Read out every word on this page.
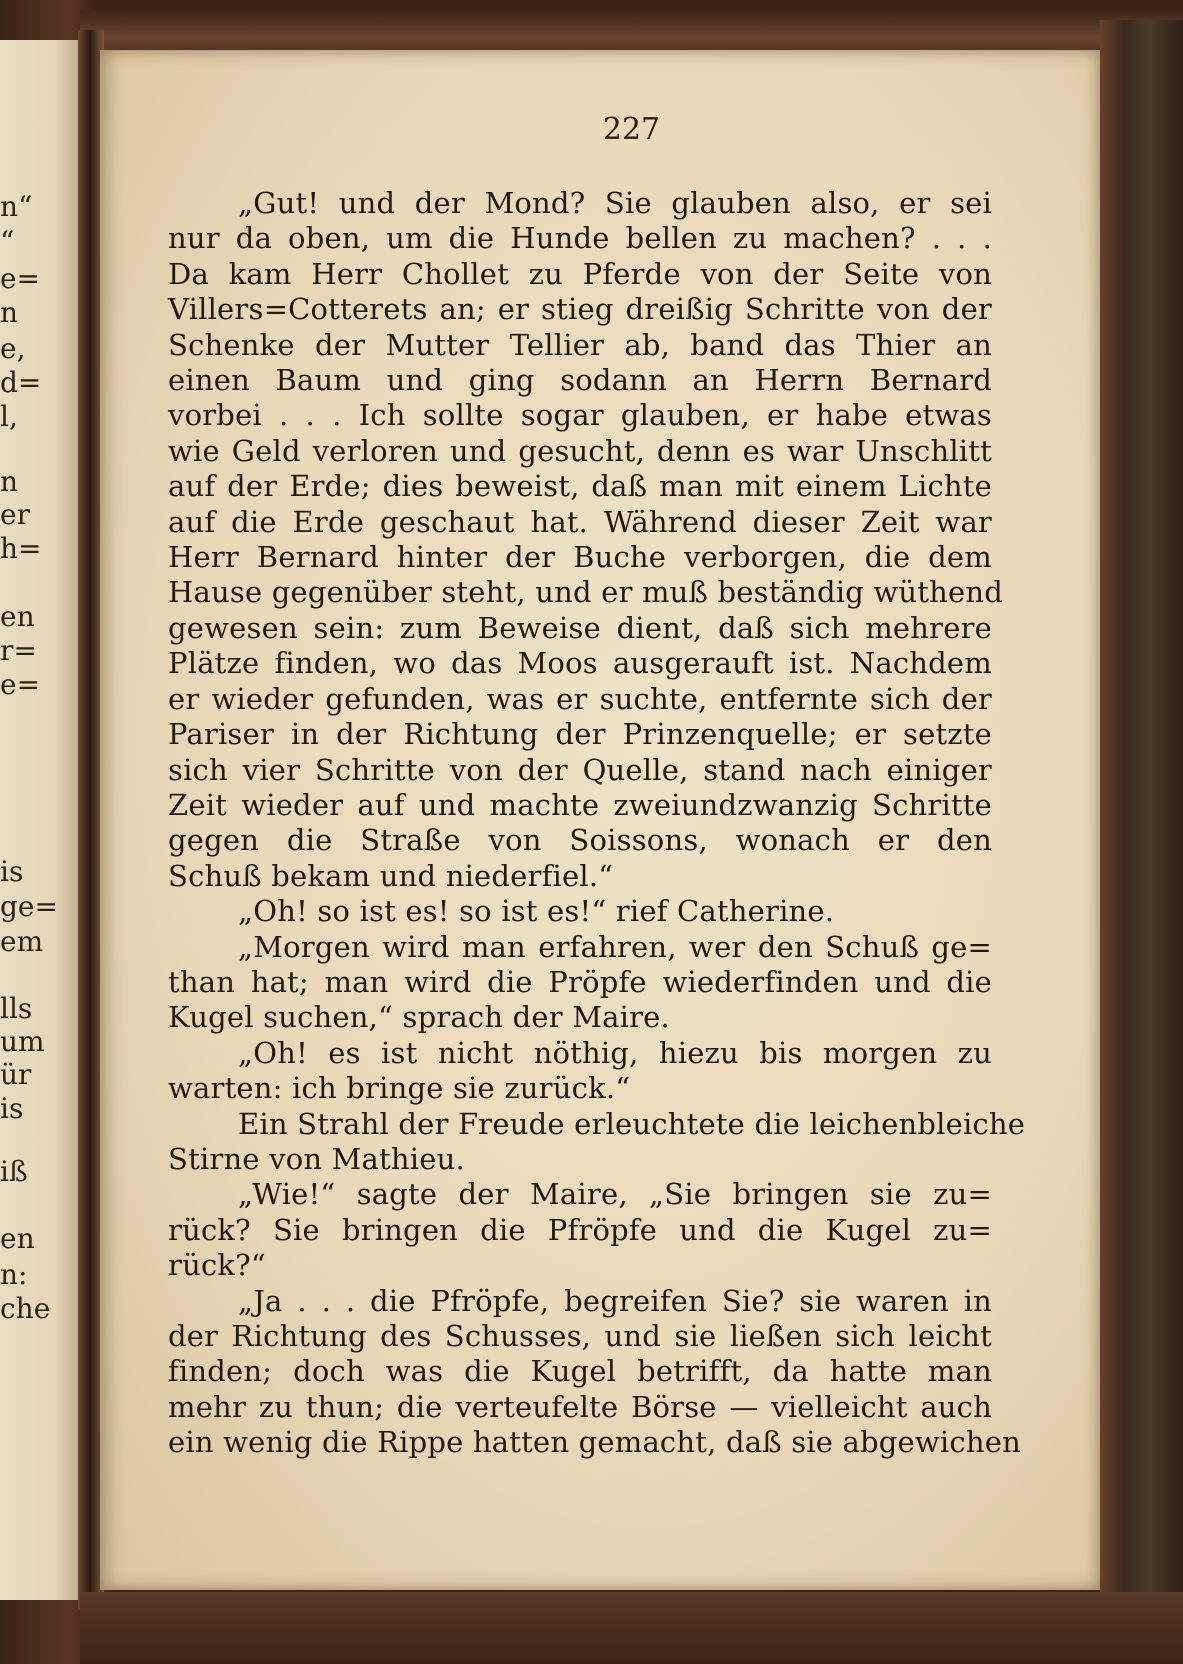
n“
“
e=
n
e,
d=
l,
n
er
h=
en
r=
e=
is
ge=
em
lls
um
ür
is
iß
en
n:
che
227
„Gut! und der Mond? Sie glauben also, er sei
nur da oben, um die Hunde bellen zu machen? . . .
Da kam Herr Chollet zu Pferde von der Seite von
Villers=Cotterets an; er stieg dreißig Schritte von der
Schenke der Mutter Tellier ab, band das Thier an
einen Baum und ging sodann an Herrn Bernard
vorbei . . . Ich sollte sogar glauben, er habe etwas
wie Geld verloren und gesucht, denn es war Unschlitt
auf der Erde; dies beweist, daß man mit einem Lichte
auf die Erde geschaut hat. Während dieser Zeit war
Herr Bernard hinter der Buche verborgen, die dem
Hause gegenüber steht, und er muß beständig wüthend
gewesen sein: zum Beweise dient, daß sich mehrere
Plätze finden, wo das Moos ausgerauft ist. Nachdem
er wieder gefunden, was er suchte, entfernte sich der
Pariser in der Richtung der Prinzenquelle; er setzte
sich vier Schritte von der Quelle, stand nach einiger
Zeit wieder auf und machte zweiundzwanzig Schritte
gegen die Straße von Soissons, wonach er den
Schuß bekam und niederfiel.“
„Oh! so ist es! so ist es!“ rief Catherine.
„Morgen wird man erfahren, wer den Schuß ge=
than hat; man wird die Pröpfe wiederfinden und die
Kugel suchen,“ sprach der Maire.
„Oh! es ist nicht nöthig, hiezu bis morgen zu
warten: ich bringe sie zurück.“
Ein Strahl der Freude erleuchtete die leichenbleiche
Stirne von Mathieu.
„Wie!“ sagte der Maire, „Sie bringen sie zu=
rück? Sie bringen die Pfröpfe und die Kugel zu=
rück?“
„Ja . . . die Pfröpfe, begreifen Sie? sie waren in
der Richtung des Schusses, und sie ließen sich leicht
finden; doch was die Kugel betrifft, da hatte man
mehr zu thun; die verteufelte Börse — vielleicht auch
ein wenig die Rippe hatten gemacht, daß sie abgewichen
